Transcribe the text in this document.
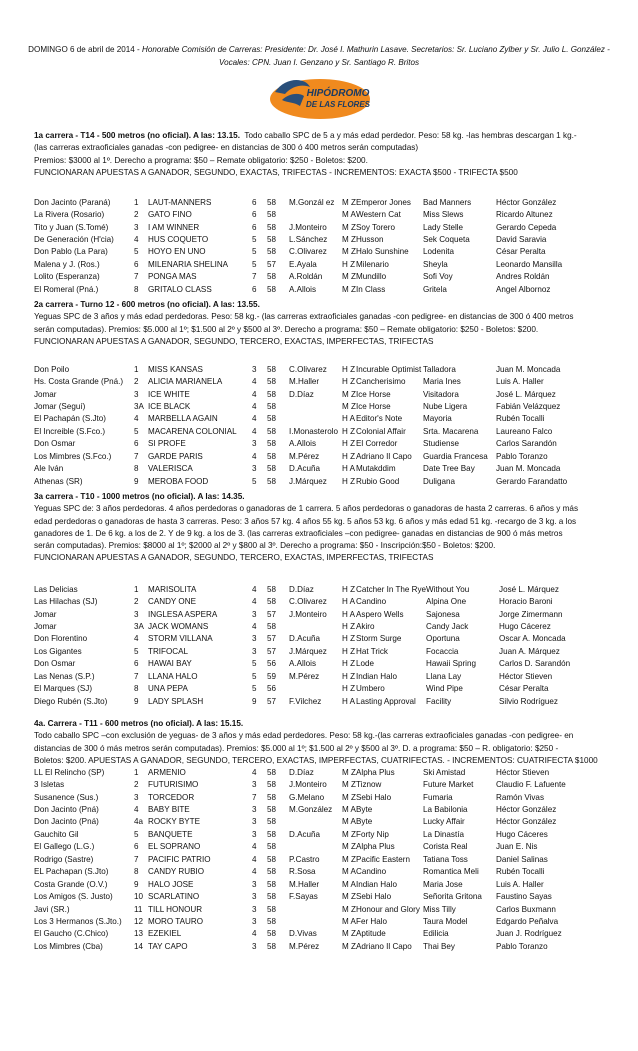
DOMINGO 6 de abril de 2014 - Honorable Comisión de Carreras: Presidente: Dr. José I. Mathurin Lasave. Secretarios: Sr. Luciano Zylber y Sr. Julio L. González - Vocales: CPN. Juan I. Genzano y Sr. Santiago R. Britos
HIPÓDROMO
DE LAS FLORES
1a carrera - T14 - 500 metros (no oficial). A las: 13.15. Todo caballo SPC de 5 a y más edad perdedor. Peso: 58 kg. -las hembras descargan 1 kg.-
(las carreras extraoficiales ganadas -con pedigree- en distancias de 300 ó 400 metros serán computadas)
Premios: $3000 al 1º. Derecho a programa: $50 – Remate obligatorio: $250 - Boletos: $200.
FUNCIONARAN APUESTAS A GANADOR, SEGUNDO, EXACTAS, TRIFECTAS - INCREMENTOS: EXACTA $500 - TRIFECTA $500
Don Jacinto (Paraná)	1	LAUT-MANNERS	6	58	M.Gonzál ez	M Z	Emperor Jones	Bad Manners	Héctor González
La Rivera (Rosario)	2	GATO FINO	6	58		M A	Western Cat	Miss Slews	Ricardo Altunez
Tito y Juan (S.Tomé)	3	I AM WINNER	6	58	J.Monteiro	M Z	Soy Torero	Lady Stelle	Gerardo Cepeda
De Generación (H'cia)	4	HUS COQUETO	5	58	L.Sánchez	M Z	Husson	Sek Coqueta	David Saravia
Don Pablo (La Para)	5	HOYO EN UNO	5	58	C.Olivarez	M Z	Halo Sunshine	Lodenita	César Peralta
Malena y J. (Ros.)	6	MILENARIA SHELINA	5	57	E.Ayala	H Z	Milenario	Sheyla	Leonardo Mansilla
Lolito (Esperanza)	7	PONGA MAS	7	58	A.Roldán	M Z	Mundillo	Sofi Voy	Andres Roldán
El Romeral (Pná.)	8	GRITALO CLASS	6	58	A.Allois	M Z	In Class	Gritela	Angel Albornoz
2a carrera - Turno 12 - 600 metros (no oficial). A las: 13.55.
Yeguas SPC de 3 años y más edad perdedoras. Peso: 58 kg.- (las carreras extraoficiales ganadas -con pedigree- en distancias de 300 ó 400 metros
serán computadas). Premios: $5.000 al 1º; $1.500 al 2º y $500 al 3º. Derecho a programa: $50 – Remate obligatorio: $250 - Boletos: $200.
FUNCIONARAN APUESTAS A GANADOR, SEGUNDO, TERCERO, EXACTAS, IMPERFECTAS, TRIFECTAS
Don Poilo	1	MISS KANSAS	3	58	C.Olivarez	H Z	Incurable Optimist	Talladora	Juan M. Moncada
Hs. Costa Grande (Pná.)	2	ALICIA MARIANELA	4	58	M.Haller	H Z	Cancherisimo	Maria Ines	Luis A. Haller
Jomar	3	ICE WHITE	4	58	D.Díaz	M Z	Ice Horse	Visitadora	José L. Márquez
Jomar (Seguí)	3A	ICE BLACK	4	58		M Z	Ice Horse	Nube Ligera	Fabián Velázquez
El Pachapán (S.Jto)	4	MARBELLA AGAIN	4	58		H A	Editor's Note	Mayoria	Rubén Tocalli
El Increible (S.Fco.)	5	MACARENA COLONIAL	4	58	I.Monasterolo	H Z	Colonial Affair	Srta. Macarena	Laureano Falco
Don Osmar	6	SI PROFE	3	58	A.Allois	H Z	El Corredor	Studiense	Carlos Sarandón
Los Mimbres (S.Fco.)	7	GARDE PARIS	4	58	M.Pérez	H Z	Adriano Il Capo	Guardia Francesa	Pablo Toranzo
Ale Iván	8	VALERISCA	3	58	D.Acuña	H A	Mutakddim	Date Tree Bay	Juan M. Moncada
Athenas (SR)	9	MEROBA FOOD	5	58	J.Márquez	H Z	Rubio Good	Duligana	Gerardo Farandatto
3a carrera - T10 - 1000 metros (no oficial). A las: 14.35.
Yeguas SPC de: 3 años perdedoras. 4 años perdedoras o ganadoras de 1 carrera. 5 años perdedoras o ganadoras de hasta 2 carreras. 6 años y más
edad perdedoras o ganadoras de hasta 3 carreras. Peso: 3 años 57 kg. 4 años 55 kg. 5 años 53 kg. 6 años y más edad 51 kg. -recargo de 3 kg. a los
ganadores de 1. De 6 kg. a los de 2. Y de 9 kg. a los de 3. (las carreras extraoficiales –con pedigree- ganadas en distancias de 900 ó más metros
serán computadas). Premios: $8000 al 1º; $2000 al 2º y $800 al 3º. Derecho a programa: $50 - Inscripción:$50 - Boletos: $200.
FUNCIONARAN APUESTAS A GANADOR, SEGUNDO, TERCERO, EXACTAS, IMPERFECTAS, TRIFECTAS
Las Delicias	1	MARISOLITA	4	58	D.Díaz	H Z	Catcher In The Rye	Without You	José L. Márquez
Las Hilachas (SJ)	2	CANDY ONE	4	58	C.Olivarez	H A	Candino	Alpina One	Horacio Baroni
Jomar	3	INGLESA ASPERA	3	57	J.Monteiro	H A	Aspero Wells	Sajonesa	Jorge Zimermann
Jomar	3A	JACK WOMANS	4	58		H Z	Akiro	Candy Jack	Hugo Cácerez
Don Florentino	4	STORM VILLANA	3	57	D.Acuña	H Z	Storm Surge	Oportuna	Oscar A. Moncada
Los Gigantes	5	TRIFOCAL	3	57	J.Márquez	H Z	Hat Trick	Focaccia	Juan A. Márquez
Don Osmar	6	HAWAI BAY	5	56	A.Allois	H Z	Lode	Hawaii Spring	Carlos D. Sarandón
Las Nenas (S.P.)	7	LLANA HALO	5	59	M.Pérez	H Z	Indian Halo	Llana Lay	Héctor Stieven
El Marques (SJ)	8	UNA PEPA	5	56		H Z	Umbero	Wind Pipe	César Peralta
Diego Rubén (S.Jto)	9	LADY SPLASH	9	57	F.Vilchez	H A	Lasting Approval	Facility	Silvio Rodríguez
4a. Carrera - T11 - 600 metros (no oficial). A las: 15.15.
Todo caballo SPC –con exclusión de yeguas- de 3 años y más edad perdedores. Peso: 58 kg.-(las carreras extraoficiales ganadas -con pedigree- en
distancias de 300 ó más metros serán computadas). Premios: $5.000 al 1º; $1.500 al 2º y $500 al 3º. D. a programa: $50 – R. obligatorio: $250 -
Boletos: $200. APUESTAS A GANADOR, SEGUNDO, TERCERO, EXACTAS, IMPERFECTAS, CUATRIFECTAS. - INCREMENTOS: CUATRIFECTA $1000
LL El Relincho (SP)	1	ARMENIO	4	58	D.Díaz	M Z	Alpha Plus	Ski Amistad	Héctor Stieven
3 Isletas	2	FUTURISIMO	3	58	J.Monteiro	M Z	Tiznow	Future Market	Claudio F. Lafuente
Susanence (Sus.)	3	TORCEDOR	7	58	G.Melano	M Z	Sebi Halo	Fumaria	Ramón Vivas
Don Jacinto (Pná)	4	BABY BITE	3	58	M.González	M A	Byte	La Babilonia	Héctor González
Don Jacinto (Pná)	4a	ROCKY BYTE	3	58		M A	Byte	Lucky Affair	Héctor González
Gauchito Gil	5	BANQUETE	3	58	D.Acuña	M Z	Forty Nip	La Dinastía	Hugo Cáceres
El Gallego (L.G.)	6	EL SOPRANO	4	58		M Z	Alpha Plus	Corista Real	Juan E. Nis
Rodrigo (Sastre)	7	PACIFIC PATRIO	4	58	P.Castro	M Z	Pacific Eastern	Tatiana Toss	Daniel Salinas
EL Pachapan (S.Jto)	8	CANDY RUBIO	4	58	R.Sosa	M A	Candino	Romantica Meli	Rubén Tocalli
Costa Grande (O.V.)	9	HALO JOSE	3	58	M.Haller	M A	Indian Halo	Maria Jose	Luis A. Haller
Los Amigos (S. Justo)	10	SCARLATINO	3	58	F.Sayas	M Z	Sebi Halo	Señorita Gritona	Faustino Sayas
Javi (SR.)	11	TILL HONOUR	3	58		M Z	Honour and Glory	Miss Tilly	Carlos Buxmann
Los 3 Hermanos (S.Jto.)	12	MORO TAURO	3	58		M A	Fer Halo	Taura Model	Edgardo Peñalva
El Gaucho (C.Chico)	13	EZEKIEL	4	58	D.Vivas	M Z	Aptitude	Edilicia	Juan J. Rodríguez
Los Mimbres (Cba)	14	TAY CAPO	3	58	M.Pérez	M Z	Adriano Il Capo	Thai Bey	Pablo Toranzo
